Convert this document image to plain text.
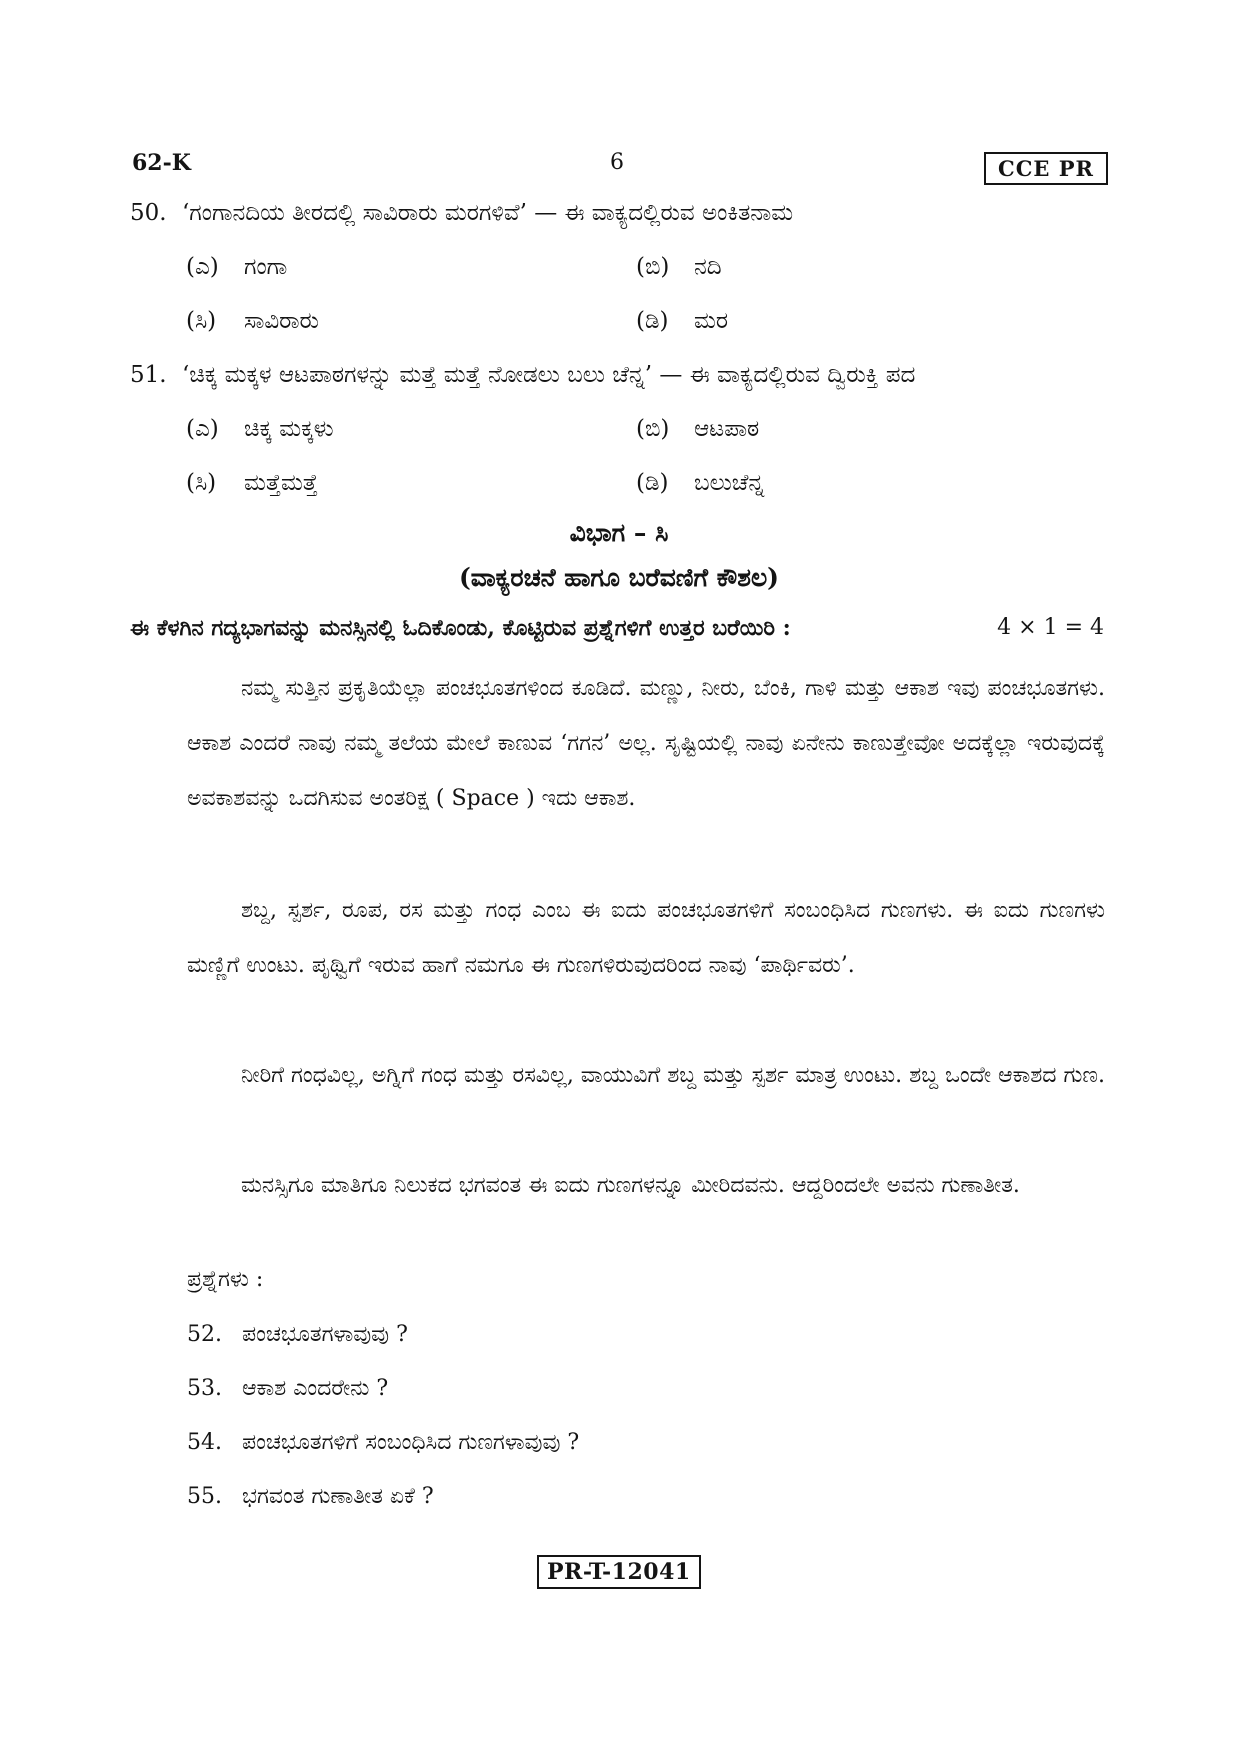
62-K	6	CCE PR
50. ‘ಗಂಗಾನದಿಯ ತೀರದಲ್ಲಿ ಸಾವಿರಾರು ಮರಗಳಿವೆ’ — ಈ ವಾಕ್ಯದಲ್ಲಿರುವ ಅಂಕಿತನಾಮ
(ಎ) ಗಂಗಾ	(ಬಿ) ನದಿ
(ಸಿ) ಸಾವಿರಾರು	(ಡಿ) ಮರ
51. ‘ಚಿಕ್ಕ ಮಕ್ಕಳ ಆಟಪಾಠಗಳನ್ನು ಮತ್ತೆ ಮತ್ತೆ ನೋಡಲು ಬಲು ಚೆನ್ನ’ — ಈ ವಾಕ್ಯದಲ್ಲಿರುವ ದ್ವಿರುಕ್ತಿ ಪದ
(ಎ) ಚಿಕ್ಕ ಮಕ್ಕಳು	(ಬಿ) ಆಟಪಾಠ
(ಸಿ) ಮತ್ತೆಮತ್ತೆ	(ಡಿ) ಬಲುಚೆನ್ನ
ವಿಭಾಗ – ಸಿ
(ವಾಕ್ಯರಚನೆ ಹಾಗೂ ಬರೆವಣಿಗೆ ಕೌಶಲ)
ಈ ಕೆಳಗಿನ ಗದ್ಯಭಾಗವನ್ನು ಮನಸ್ಸಿನಲ್ಲಿ ಓದಿಕೊಂಡು, ಕೊಟ್ಟಿರುವ ಪ್ರಶ್ನೆಗಳಿಗೆ ಉತ್ತರ ಬರೆಯಿರಿ :	4 × 1 = 4

ನಮ್ಮ ಸುತ್ತಿನ ಪ್ರಕೃತಿಯೆಲ್ಲಾ ಪಂಚಭೂತಗಳಿಂದ ಕೂಡಿದೆ. ಮಣ್ಣು, ನೀರು, ಬೆಂಕಿ, ಗಾಳಿ ಮತ್ತು ಆಕಾಶ ಇವು ಪಂಚಭೂತಗಳು. ಆಕಾಶ ಎಂದರೆ ನಾವು ನಮ್ಮ ತಲೆಯ ಮೇಲೆ ಕಾಣುವ ‘ಗಗನ’ ಅಲ್ಲ. ಸೃಷ್ಟಿಯಲ್ಲಿ ನಾವು ಏನೇನು ಕಾಣುತ್ತೇವೋ ಅದಕ್ಕೆಲ್ಲಾ ಇರುವುದಕ್ಕೆ ಅವಕಾಶವನ್ನು ಒದಗಿಸುವ ಅಂತರಿಕ್ಷ ( Space ) ಇದು ಆಕಾಶ.

ಶಬ್ದ, ಸ್ಪರ್ಶ, ರೂಪ, ರಸ ಮತ್ತು ಗಂಧ ಎಂಬ ಈ ಐದು ಪಂಚಭೂತಗಳಿಗೆ ಸಂಬಂಧಿಸಿದ ಗುಣಗಳು. ಈ ಐದು ಗುಣಗಳು ಮಣ್ಣಿಗೆ ಉಂಟು. ಪೃಥ್ವಿಗೆ ಇರುವ ಹಾಗೆ ನಮಗೂ ಈ ಗುಣಗಳಿರುವುದರಿಂದ ನಾವು ‘ಪಾರ್ಥಿವರು’.

ನೀರಿಗೆ ಗಂಧವಿಲ್ಲ, ಅಗ್ನಿಗೆ ಗಂಧ ಮತ್ತು ರಸವಿಲ್ಲ, ವಾಯುವಿಗೆ ಶಬ್ದ ಮತ್ತು ಸ್ಪರ್ಶ ಮಾತ್ರ ಉಂಟು. ಶಬ್ದ ಒಂದೇ ಆಕಾಶದ ಗುಣ.

ಮನಸ್ಸಿಗೂ ಮಾತಿಗೂ ನಿಲುಕದ ಭಗವಂತ ಈ ಐದು ಗುಣಗಳನ್ನೂ ಮೀರಿದವನು. ಆದ್ದರಿಂದಲೇ ಅವನು ಗುಣಾತೀತ.

ಪ್ರಶ್ನೆಗಳು :
52. ಪಂಚಭೂತಗಳಾವುವು ?
53. ಆಕಾಶ ಎಂದರೇನು ?
54. ಪಂಚಭೂತಗಳಿಗೆ ಸಂಬಂಧಿಸಿದ ಗುಣಗಳಾವುವು ?
55. ಭಗವಂತ ಗುಣಾತೀತ ಏಕೆ ?
PR-T-12041
